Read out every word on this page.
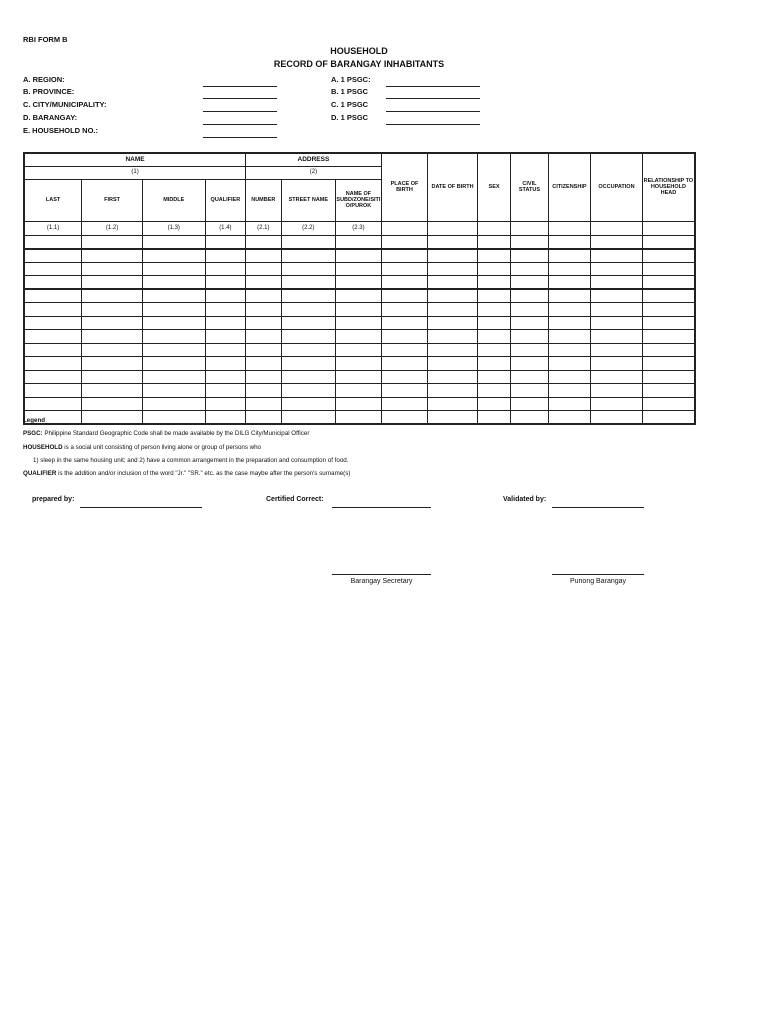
RBI FORM B
HOUSEHOLD
RECORD OF BARANGAY INHABITANTS
A. REGION:
B. PROVINCE:
C. CITY/MUNICIPALITY:
D. BARANGAY:
E. HOUSEHOLD NO.:
A. 1 PSGC:
B. 1 PSGC
C. 1 PSGC
D. 1 PSGC
NAME				ADDRESS			PLACE OF BIRTH	DATE OF BIRTH	SEX	CIVIL STATUS	CITIZENSHIP	OCCUPATION	RELATIONSHIP TO HOUSEHOLD HEAD
(1)				(2)									
LAST	FIRST	MIDDLE	QUALIFIER	NUMBER	STREET NAME	NAME OF SUBD/ZONE/SITI O/PUROK							
(1.1)	(1.2)	(1.3)	(1.4)	(2.1)	(2.2)	(2.3)							

Legend
PSGC: Philippine Standard Geographic Code shall be made available by the DILG City/Municipal Officer
HOUSEHOLD is a social unit consisting of person living alone or group of persons who
1) sleep in the same housing unit; and 2) have a common arrangement in the preparation and consumption of food.
QUALIFIER is the addition and/or inclusion of the word "Jr." "SR." etc. as the case maybe after the person's surname(s)
prepared by:	Certified Correct:	Validated by:
Barangay Secretary	Punong Barangay
